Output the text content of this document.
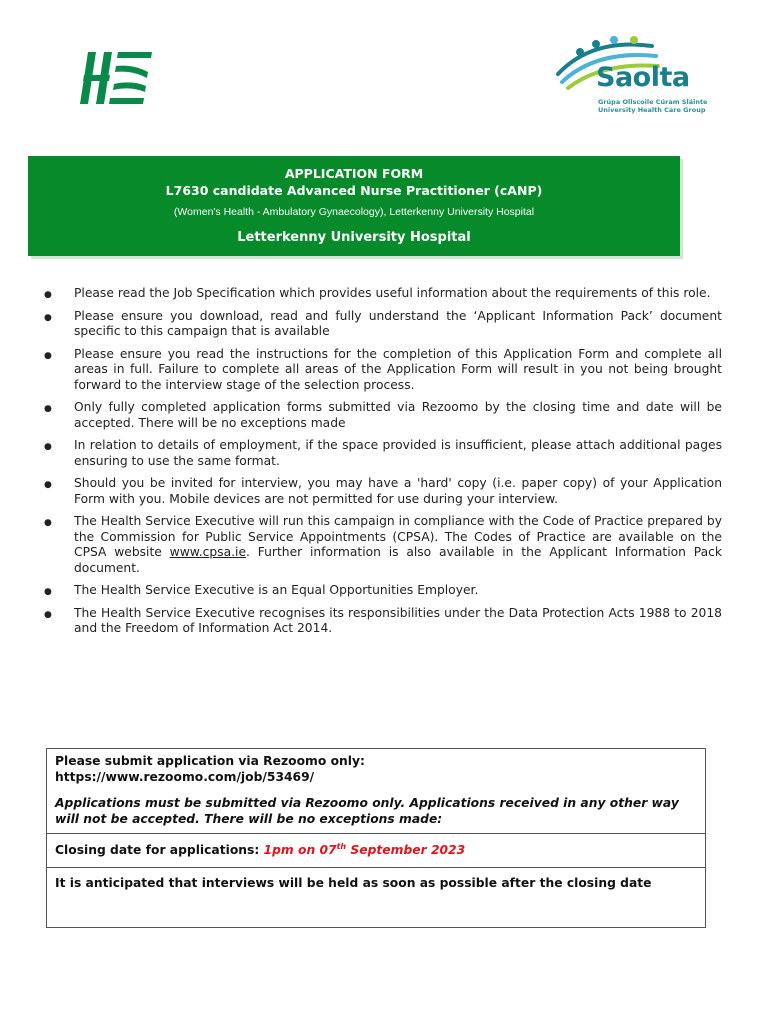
Saolta
Grúpa Ollscoile Cúram Sláinte
University Health Care Group
APPLICATION FORM
L7630 candidate Advanced Nurse Practitioner (cANP)
(Women's Health - Ambulatory Gynaecology), Letterkenny University Hospital
Letterkenny University Hospital
● Please read the Job Specification which provides useful information about the requirements of this role.
● Please ensure you download, read and fully understand the ‘Applicant Information Pack’ document specific to this campaign that is available
● Please ensure you read the instructions for the completion of this Application Form and complete all areas in full. Failure to complete all areas of the Application Form will result in you not being brought forward to the interview stage of the selection process.
● Only fully completed application forms submitted via Rezoomo by the closing time and date will be accepted. There will be no exceptions made
● In relation to details of employment, if the space provided is insufficient, please attach additional pages ensuring to use the same format.
● Should you be invited for interview, you may have a 'hard' copy (i.e. paper copy) of your Application Form with you. Mobile devices are not permitted for use during your interview.
● The Health Service Executive will run this campaign in compliance with the Code of Practice prepared by the Commission for Public Service Appointments (CPSA). The Codes of Practice are available on the CPSA website www.cpsa.ie. Further information is also available in the Applicant Information Pack document.
● The Health Service Executive is an Equal Opportunities Employer.
● The Health Service Executive recognises its responsibilities under the Data Protection Acts 1988 to 2018 and the Freedom of Information Act 2014.
Please submit application via Rezoomo only:
https://www.rezoomo.com/job/53469/
Applications must be submitted via Rezoomo only. Applications received in any other way will not be accepted. There will be no exceptions made:
Closing date for applications: 1pm on 07th September 2023
It is anticipated that interviews will be held as soon as possible after the closing date
